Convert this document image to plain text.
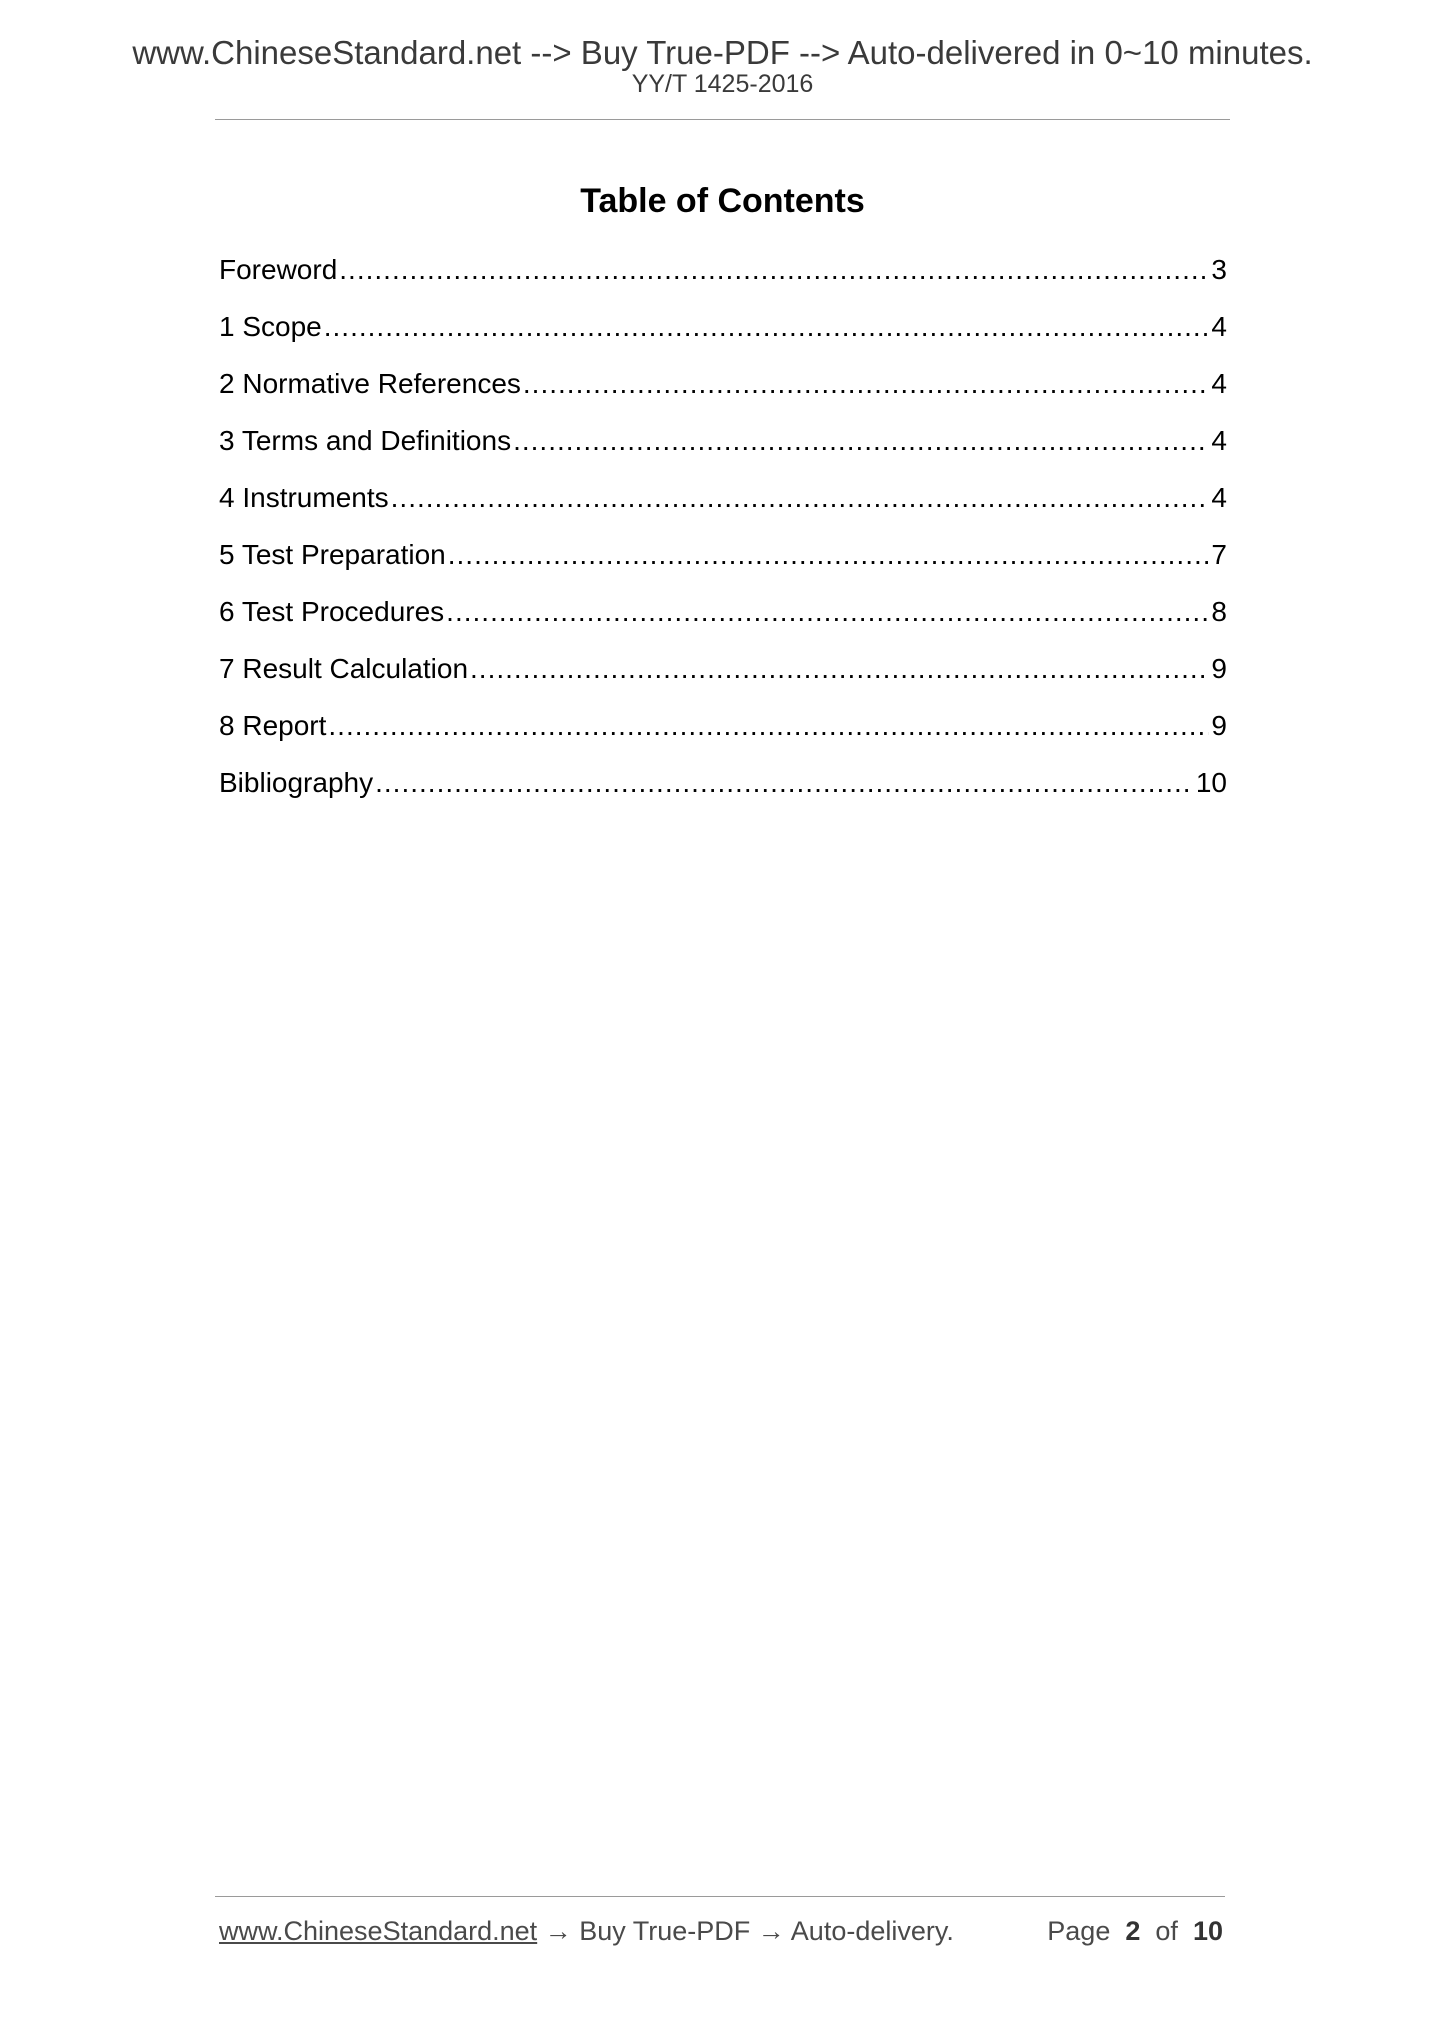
www.ChineseStandard.net --> Buy True-PDF --> Auto-delivered in 0~10 minutes.
YY/T 1425-2016
Table of Contents
Foreword .....	3
1 Scope .....	4
2 Normative References .....	4
3 Terms and Definitions .....	4
4 Instruments .....	4
5 Test Preparation .....	7
6 Test Procedures .....	8
7 Result Calculation .....	9
8 Report .....	9
Bibliography .....	10
www.ChineseStandard.net → Buy True-PDF → Auto-delivery.	Page 2 of 10
